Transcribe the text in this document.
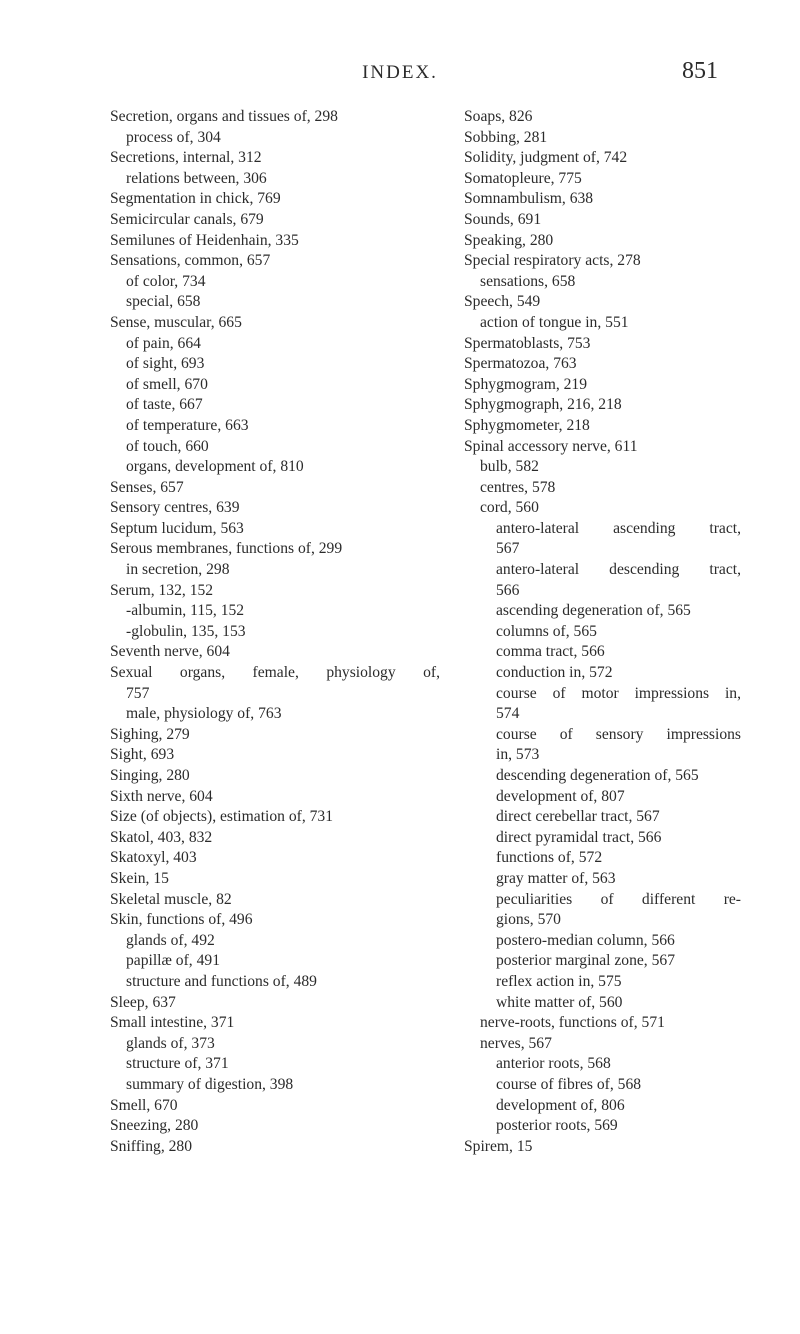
INDEX.	851
Secretion, organs and tissues of, 298
process of, 304
Secretions, internal, 312
relations between, 306
Segmentation in chick, 769
Semicircular canals, 679
Semilunes of Heidenhain, 335
Sensations, common, 657
of color, 734
special, 658
Sense, muscular, 665
of pain, 664
of sight, 693
of smell, 670
of taste, 667
of temperature, 663
of touch, 660
organs, development of, 810
Senses, 657
Sensory centres, 639
Septum lucidum, 563
Serous membranes, functions of, 299
in secretion, 298
Serum, 132, 152
-albumin, 115, 152
-globulin, 135, 153
Seventh nerve, 604
Sexual organs, female, physiology of,
757
male, physiology of, 763
Sighing, 279
Sight, 693
Singing, 280
Sixth nerve, 604
Size (of objects), estimation of, 731
Skatol, 403, 832
Skatoxyl, 403
Skein, 15
Skeletal muscle, 82
Skin, functions of, 496
glands of, 492
papillæ of, 491
structure and functions of, 489
Sleep, 637
Small intestine, 371
glands of, 373
structure of, 371
summary of digestion, 398
Smell, 670
Sneezing, 280
Sniffing, 280
Soaps, 826
Sobbing, 281
Solidity, judgment of, 742
Somatopleure, 775
Somnambulism, 638
Sounds, 691
Speaking, 280
Special respiratory acts, 278
sensations, 658
Speech, 549
action of tongue in, 551
Spermatoblasts, 753
Spermatozoa, 763
Sphygmogram, 219
Sphygmograph, 216, 218
Sphygmometer, 218
Spinal accessory nerve, 611
bulb, 582
centres, 578
cord, 560
antero-lateral ascending tract,
567
antero-lateral descending tract,
566
ascending degeneration of, 565
columns of, 565
comma tract, 566
conduction in, 572
course of motor impressions in,
574
course of sensory impressions
in, 573
descending degeneration of, 565
development of, 807
direct cerebellar tract, 567
direct pyramidal tract, 566
functions of, 572
gray matter of, 563
peculiarities of different re-
gions, 570
postero-median column, 566
posterior marginal zone, 567
reflex action in, 575
white matter of, 560
nerve-roots, functions of, 571
nerves, 567
anterior roots, 568
course of fibres of, 568
development of, 806
posterior roots, 569
Spirem, 15
